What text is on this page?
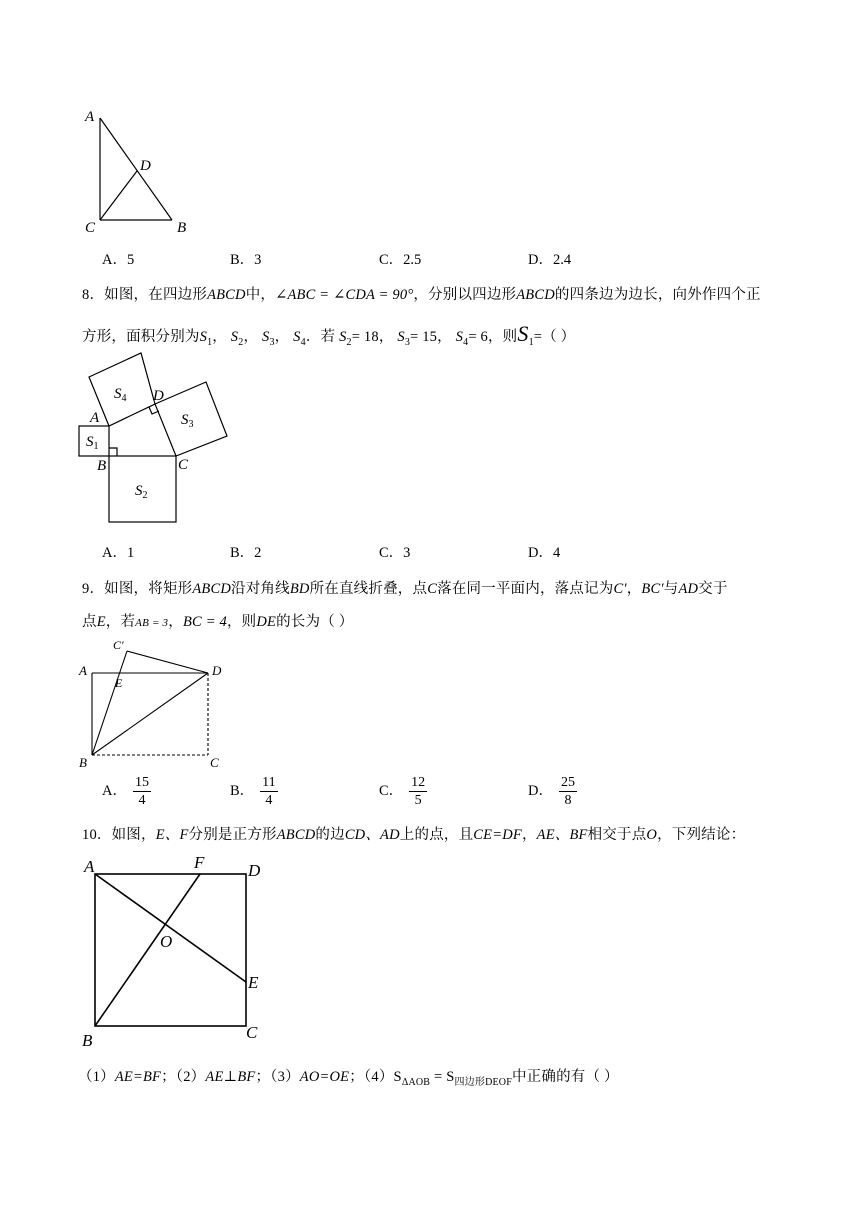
A
D
C	B
A．5	B．3	C．2.5	D．2.4
8．如图，在四边形ABCD中，∠ABC = ∠CDA = 90°，分别以四边形ABCD的四条边为边长，向外作四个正
方形，面积分别为$S_1$， $S_2$， $S_3$， $S_4$．若 $S_2= 18$， $S_3= 15$， $S_4= 6$，则$S_1=$（ ）
$S_4$
$S_3$
$S_1$
$S_2$
A
D
B	C
A．1	B．2	C．3	D．4
9．如图，将矩形ABCD沿对角线BD所在直线折叠，点C落在同一平面内，落点记为C′，BC′与AD交于
点E，若AB = 3，BC = 4，则DE的长为（ ）
C′
A
E
D
B	C
A． $\frac{15}{4}$	B． $\frac{11}{4}$	C． $\frac{12}{5}$	D． $\frac{25}{8}$
10．如图，E、F分别是正方形ABCD的边CD、AD上的点，且CE=DF，AE、BF相交于点O，下列结论：
A	F	D
O
E
B	C
（1）AE=BF；（2）AE⊥BF；（3）AO=OE；$(4)S_{\Delta AOB} = S_{四边形DEOF}$中正确的有（ ）
